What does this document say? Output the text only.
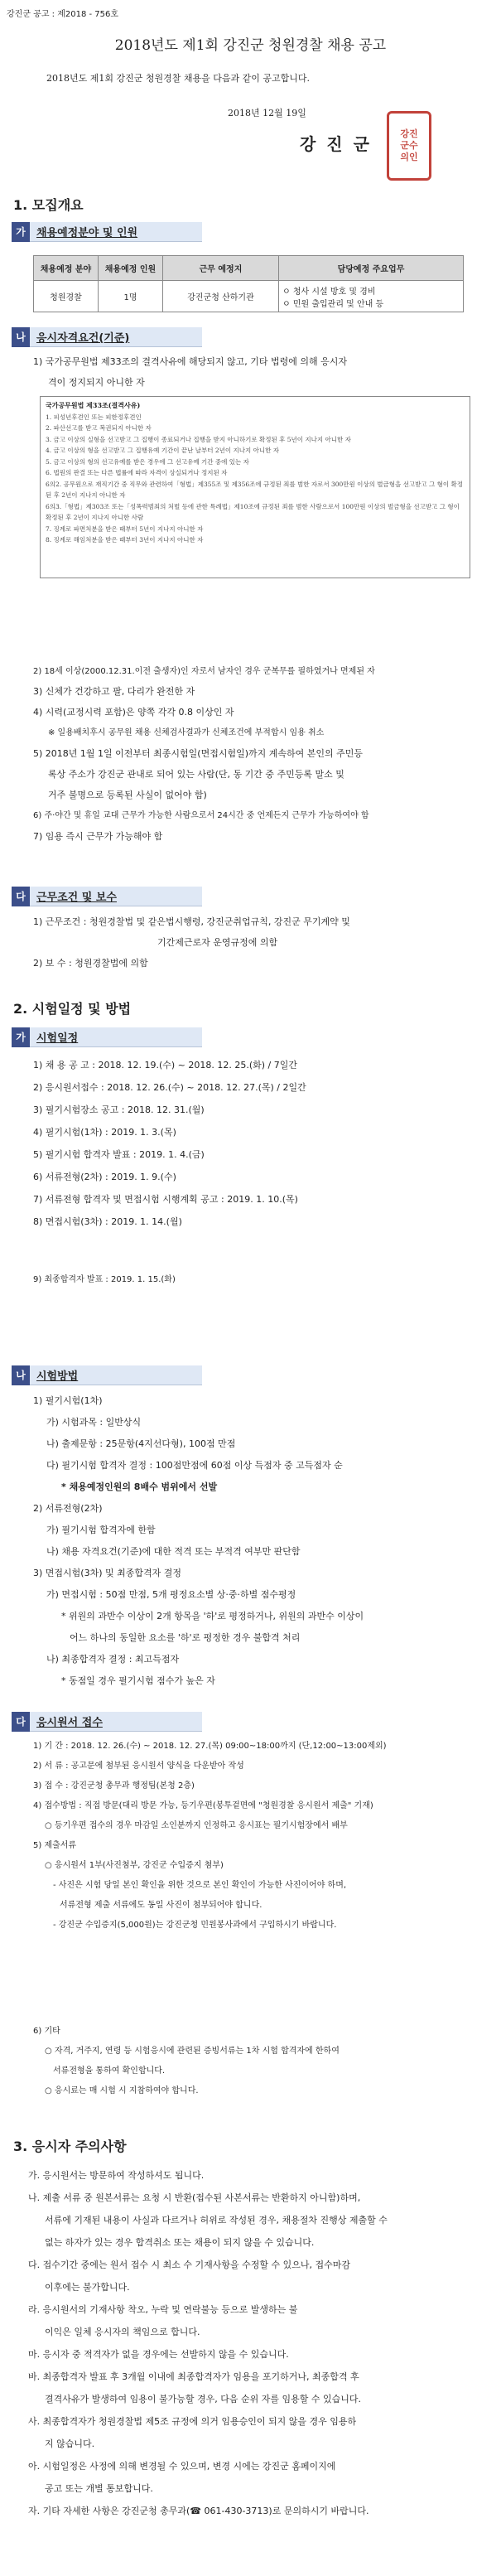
강진군 공고 : 제2018 - 756호
2018년도 제1회 강진군 청원경찰 채용 공고
2018년도 제1회 강진군 청원경찰 채용을 다음과 같이 공고합니다.
2018년 12월 19일
강 진 군
강진
군수
의인
1. 모집개요
가	채용예정분야 및 인원
채용예정 분야	채용예정 인원	근무 예정지	담당예정 주요업무
청원경찰	1명	강진군청 산하기관	ㅇ 청사 시설 방호 및 경비
ㅇ 민원 출입관리 및 안내 등
나	응시자격요건(기준)
1) 국가공무원법 제33조의 결격사유에 해당되지 않고, 기타 법령에 의해 응시자
격이 정지되지 아니한 자
국가공무원법 제33조(결격사유)
1. 피성년후견인 또는 피한정후견인
2. 파산선고를 받고 복권되지 아니한 자
3. 금고 이상의 실형을 선고받고 그 집행이 종료되거나 집행을 받지 아니하기로 확정된 후 5년이 지나지 아니한 자
4. 금고 이상의 형을 선고받고 그 집행유예 기간이 끝난 날부터 2년이 지나지 아니한 자
5. 금고 이상의 형의 선고유예를 받은 경우에 그 선고유예 기간 중에 있는 자
6. 법원의 판결 또는 다른 법률에 따라 자격이 상실되거나 정지된 자
6의2. 공무원으로 재직기간 중 직무와 관련하여「형법」제355조 및 제356조에 규정된 죄를 범한 자로서 300만원 이상의 벌금형을 선고받고 그 형이 확정된 후 2년이 지나지 아니한 자
6의3.「형법」제303조 또는「성폭력범죄의 처벌 등에 관한 특례법」제10조에 규정된 죄를 범한 사람으로서 100만원 이상의 벌금형을 선고받고 그 형이 확정된 후 2년이 지나지 아니한 사람
7. 징계로 파면처분을 받은 때부터 5년이 지나지 아니한 자
8. 징계로 해임처분을 받은 때부터 3년이 지나지 아니한 자
2) 18세 이상(2000.12.31.이전 출생자)인 자로서 남자인 경우 군복무를 필하였거나 면제된 자
3) 신체가 건강하고 팔, 다리가 완전한 자
4) 시력(교정시력 포함)은 양쪽 각각 0.8 이상인 자
※ 일용배치후시 공무원 채용 신체검사결과가 신체조건에 부적합시 임용 취소
5) 2018년 1월 1일 이전부터 최종시험일(면접시험일)까지 계속하여 본인의 주민등
록상 주소가 강진군 관내로 되어 있는 사람(단, 동 기간 중 주민등록 말소 및
거주 불명으로 등록된 사실이 없어야 함)
6) 주·야간 및 휴일 교대 근무가 가능한 사람으로서 24시간 중 언제든지 근무가 가능하여야 함
7) 임용 즉시 근무가 가능해야 함
다	근무조건 및 보수
1) 근무조건 : 청원경찰법 및 같은법시행령, 강진군취업규칙, 강진군 무기계약 및
기간제근로자 운영규정에 의함
2) 보 수 : 청원경찰법에 의함
2. 시험일정 및 방법
가	시험일정
1) 채 용 공 고 : 2018. 12. 19.(수) ~ 2018. 12. 25.(화) / 7일간
2) 응시원서접수 : 2018. 12. 26.(수) ~ 2018. 12. 27.(목) / 2일간
3) 필기시험장소 공고 : 2018. 12. 31.(월)
4) 필기시험(1차) : 2019. 1. 3.(목)
5) 필기시험 합격자 발표 : 2019. 1. 4.(금)
6) 서류전형(2차) : 2019. 1. 9.(수)
7) 서류전형 합격자 및 면접시험 시행계획 공고 : 2019. 1. 10.(목)
8) 면접시험(3차) : 2019. 1. 14.(월)
9) 최종합격자 발표 : 2019. 1. 15.(화)
나	시험방법
1) 필기시험(1차)
가) 시험과목 : 일반상식
나) 출제문항 : 25문항(4지선다형), 100점 만점
다) 필기시험 합격자 결정 : 100점만점에 60점 이상 득점자 중 고득점자 순
* 채용예정인원의 8배수 범위에서 선발
2) 서류전형(2차)
가) 필기시험 합격자에 한함
나) 채용 자격요건(기준)에 대한 적격 또는 부적격 여부만 판단함
3) 면접시험(3차) 및 최종합격자 결정
가) 면접시험 : 50점 만점, 5개 평정요소별 상·중·하별 점수평정
* 위원의 과반수 이상이 2개 항목을 '하'로 평정하거나, 위원의 과반수 이상이
어느 하나의 동일한 요소를 '하'로 평정한 경우 불합격 처리
나) 최종합격자 결정 : 최고득점자
* 동점일 경우 필기시험 점수가 높은 자
다	응시원서 접수
1) 기 간 : 2018. 12. 26.(수) ~ 2018. 12. 27.(목) 09:00~18:00까지 (단,12:00~13:00제외)
2) 서 류 : 공고문에 첨부된 응시원서 양식을 다운받아 작성
3) 접 수 : 강진군청 총무과 행정팀(본청 2층)
4) 접수방법 : 직접 방문(대리 방문 가능, 등기우편(봉투겉면에 "청원경찰 응시원서 제출" 기재)
○ 등기우편 접수의 경우 마감일 소인분까지 인정하고 응시표는 필기시험장에서 배부
5) 제출서류
○ 응시원서 1부(사진첨부, 강진군 수입증지 첨부)
- 사진은 시험 당일 본인 확인을 위한 것으로 본인 확인이 가능한 사진이어야 하며,
서류전형 제출 서류에도 동일 사진이 첨부되어야 합니다.
- 강진군 수입증지(5,000원)는 강진군청 민원봉사과에서 구입하시기 바랍니다.
6) 기타
○ 자격, 거주지, 연령 등 시험응시에 관련된 증빙서류는 1차 시험 합격자에 한하여
서류전형을 통하여 확인합니다.
○ 응시료는 매 시험 시 지참하여야 합니다.
3. 응시자 주의사항
가. 응시원서는 방문하여 작성하셔도 됩니다.
나. 제출 서류 중 원본서류는 요청 시 반환(접수된 사본서류는 반환하지 아니함)하며,
서류에 기재된 내용이 사실과 다르거나 허위로 작성된 경우, 채용절차 진행상 제출할 수
없는 하자가 있는 경우 합격취소 또는 채용이 되지 않을 수 있습니다.
다. 접수기간 중에는 원서 접수 시 최소 수 기재사항을 수정할 수 있으나, 접수마감
이후에는 불가합니다.
라. 응시원서의 기재사항 착오, 누락 및 연락불능 등으로 발생하는 불
이익은 일체 응시자의 책임으로 합니다.
마. 응시자 중 적격자가 없을 경우에는 선발하지 않을 수 있습니다.
바. 최종합격자 발표 후 3개월 이내에 최종합격자가 임용을 포기하거나, 최종합격 후
결격사유가 발생하여 임용이 불가능할 경우, 다음 순위 자를 임용할 수 있습니다.
사. 최종합격자가 청원경찰법 제5조 규정에 의거 임용승인이 되지 않을 경우 임용하
지 않습니다.
아. 시험일정은 사정에 의해 변경될 수 있으며, 변경 시에는 강진군 홈페이지에
공고 또는 개별 통보합니다.
자. 기타 자세한 사항은 강진군청 총무과(☎ 061-430-3713)로 문의하시기 바랍니다.
